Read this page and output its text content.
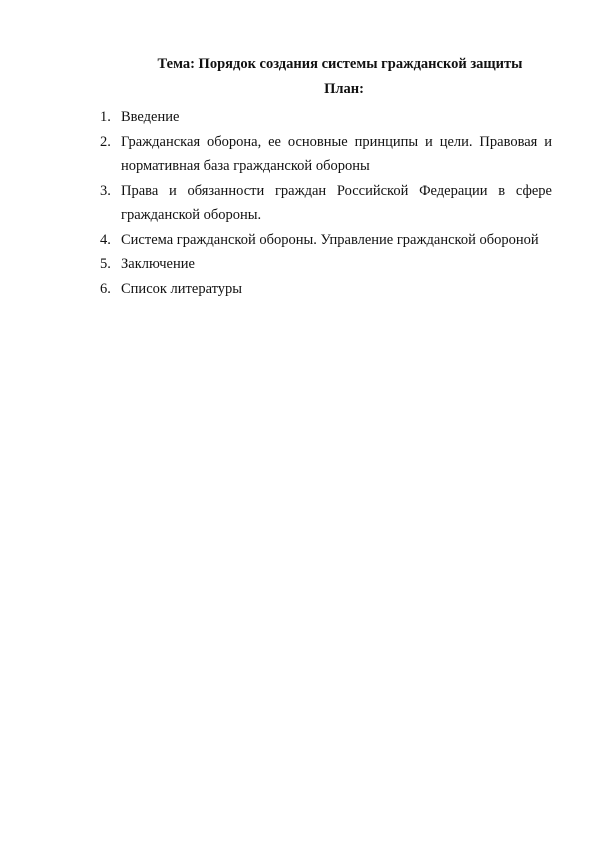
Тема: Порядок создания системы гражданской защиты
План:
1. Введение
2. Гражданская оборона, ее основные принципы и цели. Правовая и
нормативная база гражданской обороны
3. Права и обязанности граждан Российской Федерации в сфере
гражданской обороны.
4. Система гражданской обороны. Управление гражданской обороной
5. Заключение
6. Список литературы
